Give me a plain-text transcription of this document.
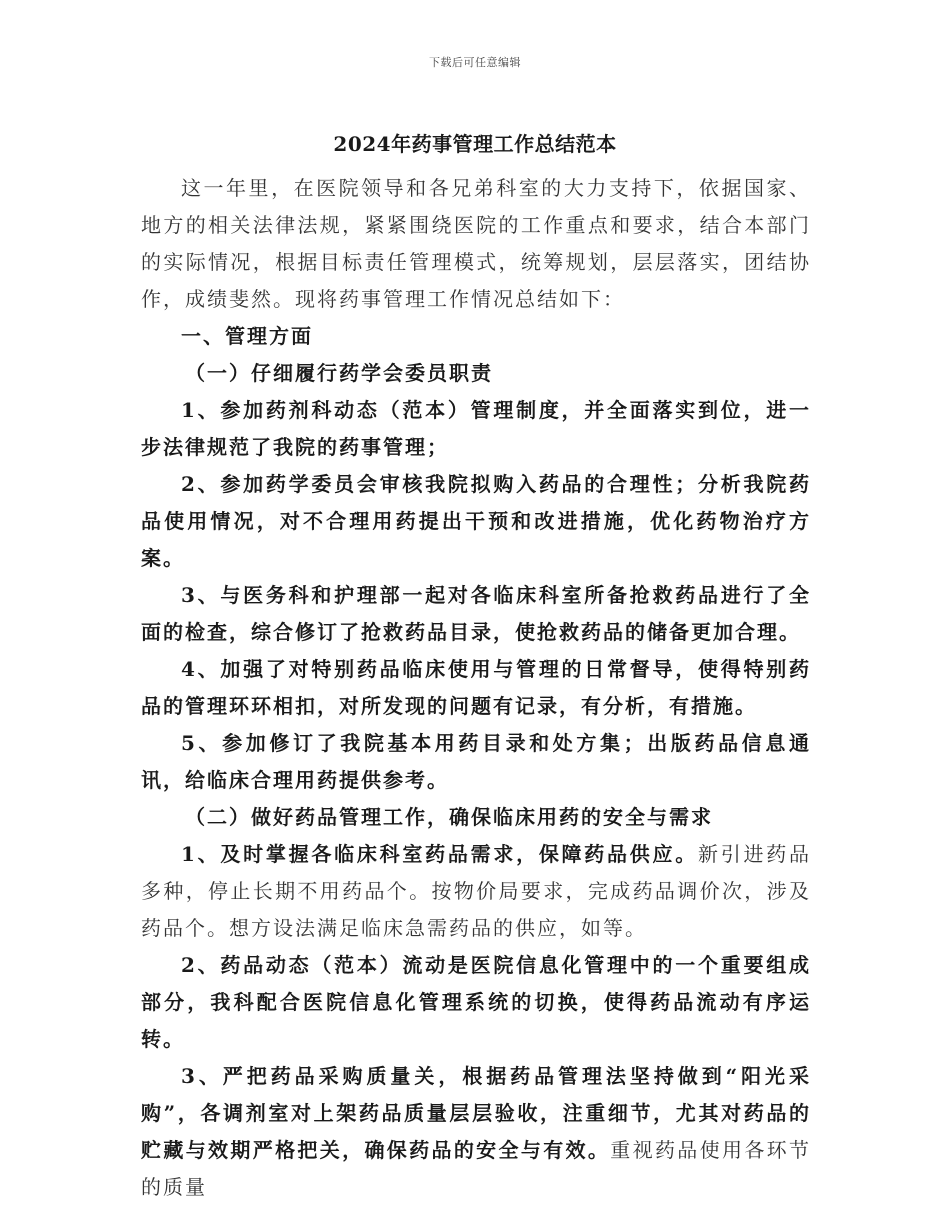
下载后可任意编辑
2024年药事管理工作总结范本

这一年里，在医院领导和各兄弟科室的大力支持下，依据国家、地方的相关法律法规，紧紧围绕医院的工作重点和要求，结合本部门的实际情况，根据目标责任管理模式，统筹规划，层层落实，团结协作，成绩斐然。现将药事管理工作情况总结如下：

一、管理方面

（一）仔细履行药学会委员职责

1、参加药剂科动态（范本）管理制度，并全面落实到位，进一步法律规范了我院的药事管理；

2、参加药学委员会审核我院拟购入药品的合理性；分析我院药品使用情况，对不合理用药提出干预和改进措施，优化药物治疗方案。

3、与医务科和护理部一起对各临床科室所备抢救药品进行了全面的检查，综合修订了抢救药品目录，使抢救药品的储备更加合理。

4、加强了对特别药品临床使用与管理的日常督导，使得特别药品的管理环环相扣，对所发现的问题有记录，有分析，有措施。

5、参加修订了我院基本用药目录和处方集；出版药品信息通讯，给临床合理用药提供参考。

（二）做好药品管理工作，确保临床用药的安全与需求

1、及时掌握各临床科室药品需求，保障药品供应。新引进药品多种，停止长期不用药品个。按物价局要求，完成药品调价次，涉及药品个。想方设法满足临床急需药品的供应，如等。

2、药品动态（范本）流动是医院信息化管理中的一个重要组成部分，我科配合医院信息化管理系统的切换，使得药品流动有序运转。

3、严把药品采购质量关，根据药品管理法坚持做到“阳光采购”，各调剂室对上架药品质量层层验收，注重细节，尤其对药品的贮藏与效期严格把关，确保药品的安全与有效。重视药品使用各环节的质量
